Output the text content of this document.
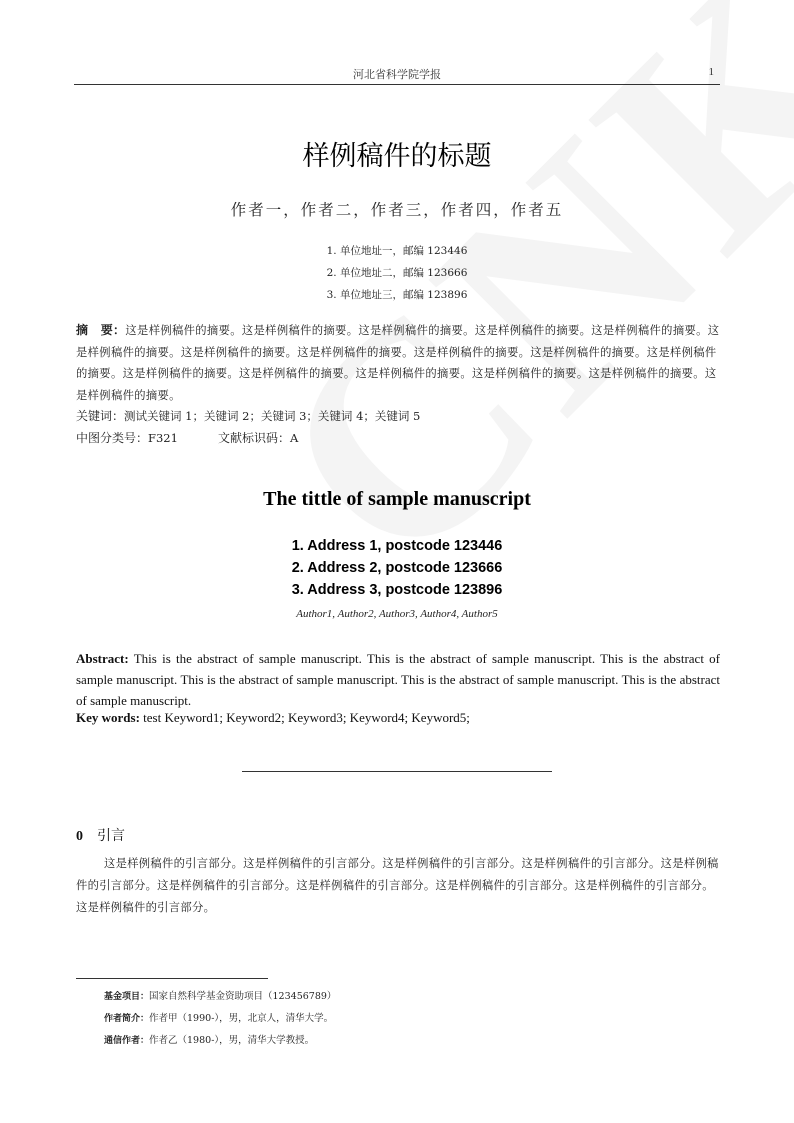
河北省科学院学报	1
样例稿件的标题
作者一，作者二，作者三，作者四，作者五
1. 单位地址一，邮编 123446
2. 单位地址二，邮编 123666
3. 单位地址三，邮编 123896
摘　要：这是样例稿件的摘要。这是样例稿件的摘要。这是样例稿件的摘要。这是样例稿件的摘要。这是样例稿件的摘要。这是样例稿件的摘要。这是样例稿件的摘要。这是样例稿件的摘要。这是样例稿件的摘要。这是样例稿件的摘要。这是样例稿件的摘要。这是样例稿件的摘要。这是样例稿件的摘要。这是样例稿件的摘要。这是样例稿件的摘要。这是样例稿件的摘要。这是样例稿件的摘要。
关键词：测试关键词 1；关键词 2；关键词 3；关键词 4；关键词 5
中图分类号：F321	文献标识码：A
The tittle of sample manuscript
1. Address 1, postcode 123446
2. Address 2, postcode 123666
3. Address 3, postcode 123896
Author1, Author2, Author3, Author4, Author5
Abstract: This is the abstract of sample manuscript. This is the abstract of sample manuscript. This is the abstract of sample manuscript. This is the abstract of sample manuscript. This is the abstract of sample manuscript. This is the abstract of sample manuscript.
Key words: test Keyword1; Keyword2; Keyword3; Keyword4; Keyword5;
0 引言
这是样例稿件的引言部分。这是样例稿件的引言部分。这是样例稿件的引言部分。这是样例稿件的引言部分。这是样例稿件的引言部分。这是样例稿件的引言部分。这是样例稿件的引言部分。这是样例稿件的引言部分。这是样例稿件的引言部分。这是样例稿件的引言部分。
基金项目：国家自然科学基金资助项目（123456789）
作者简介：作者甲（1990-），男，北京人，清华大学。
通信作者：作者乙（1980-），男，清华大学教授。
